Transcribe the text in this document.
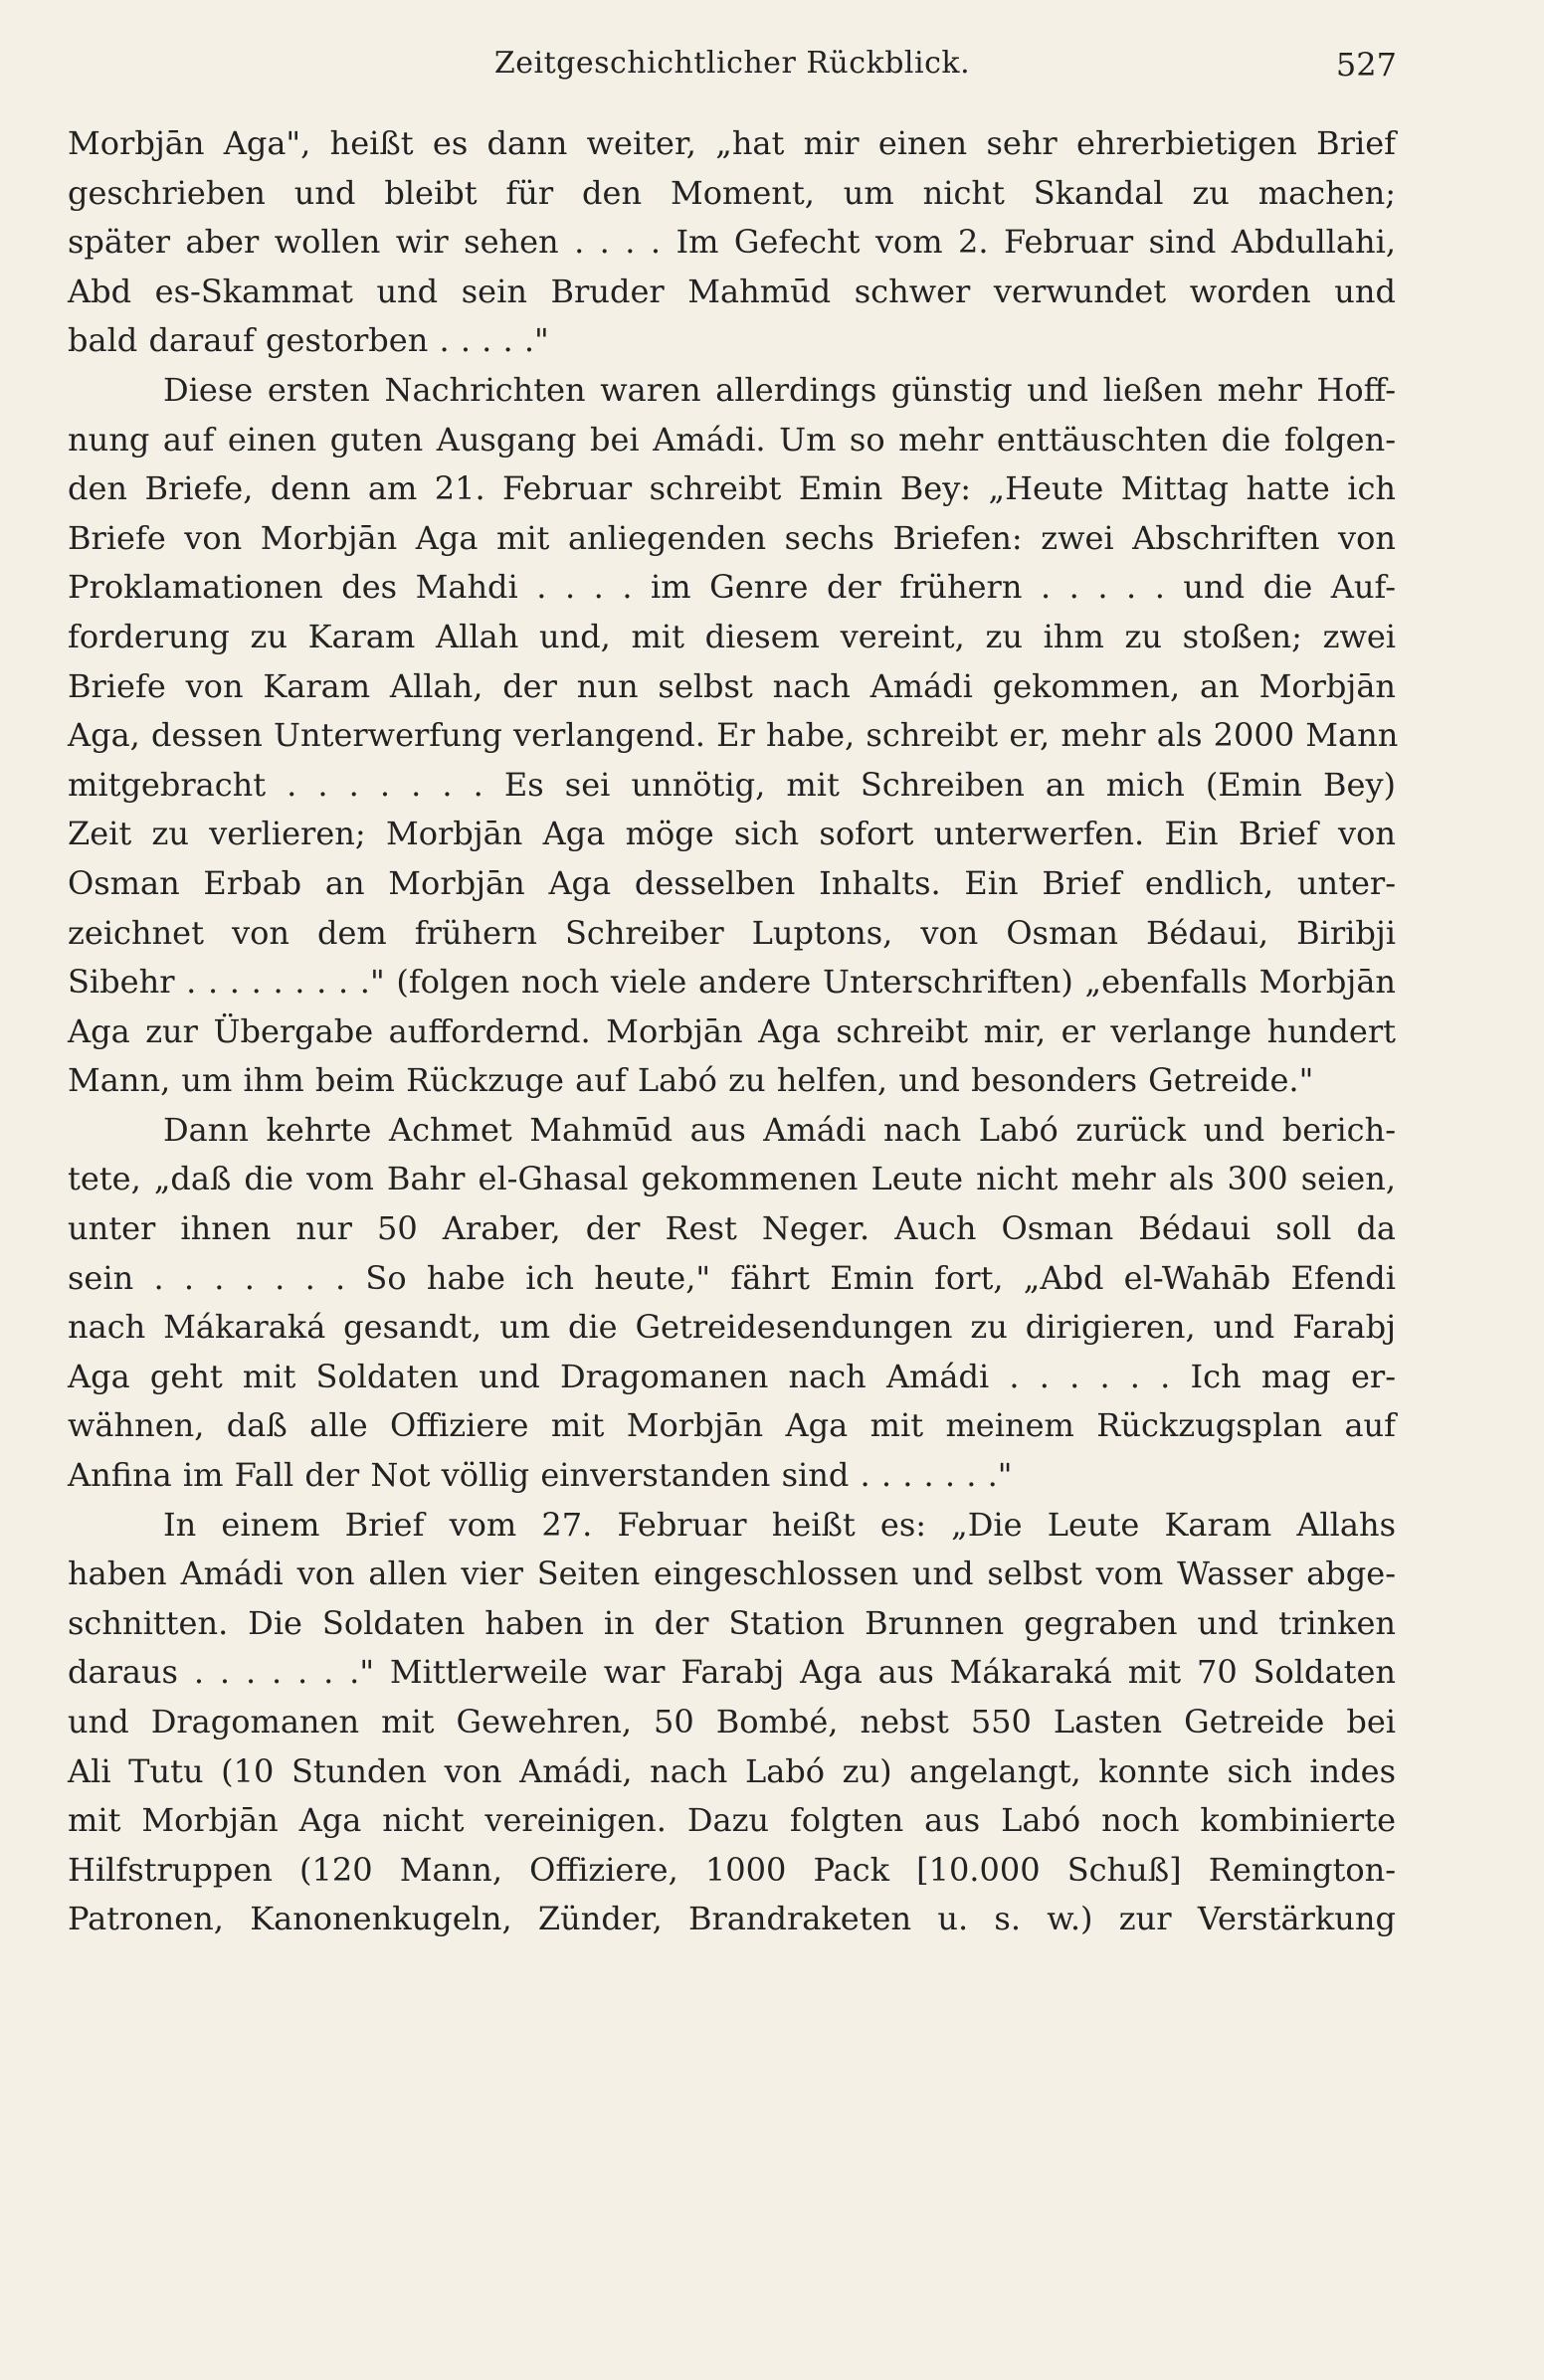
Zeitgeschichtlicher Rückblick.	527
Morbjān Aga", heißt es dann weiter, „hat mir einen sehr ehrerbietigen Brief
geschrieben und bleibt für den Moment, um nicht Skandal zu machen;
später aber wollen wir sehen . . . . Im Gefecht vom 2. Februar sind Abdullahi,
Abd es-Skammat und sein Bruder Mahmūd schwer verwundet worden und
bald darauf gestorben . . . . ."
Diese ersten Nachrichten waren allerdings günstig und ließen mehr Hoff-
nung auf einen guten Ausgang bei Amádi. Um so mehr enttäuschten die folgen-
den Briefe, denn am 21. Februar schreibt Emin Bey: „Heute Mittag hatte ich
Briefe von Morbjān Aga mit anliegenden sechs Briefen: zwei Abschriften von
Proklamationen des Mahdi . . . . im Genre der frühern . . . . . und die Auf-
forderung zu Karam Allah und, mit diesem vereint, zu ihm zu stoßen; zwei
Briefe von Karam Allah, der nun selbst nach Amádi gekommen, an Morbjān
Aga, dessen Unterwerfung verlangend. Er habe, schreibt er, mehr als 2000 Mann
mitgebracht . . . . . . . Es sei unnötig, mit Schreiben an mich (Emin Bey)
Zeit zu verlieren; Morbjān Aga möge sich sofort unterwerfen. Ein Brief von
Osman Erbab an Morbjān Aga desselben Inhalts. Ein Brief endlich, unter-
zeichnet von dem frühern Schreiber Luptons, von Osman Bédaui, Biribji
Sibehr . . . . . . . . ." (folgen noch viele andere Unterschriften) „ebenfalls Morbjān
Aga zur Übergabe auffordernd. Morbjān Aga schreibt mir, er verlange hundert
Mann, um ihm beim Rückzuge auf Labó zu helfen, und besonders Getreide."
Dann kehrte Achmet Mahmūd aus Amádi nach Labó zurück und berich-
tete, „daß die vom Bahr el-Ghasal gekommenen Leute nicht mehr als 300 seien,
unter ihnen nur 50 Araber, der Rest Neger. Auch Osman Bédaui soll da
sein . . . . . . . So habe ich heute," fährt Emin fort, „Abd el-Wahāb Efendi
nach Mákaraká gesandt, um die Getreidesendungen zu dirigieren, und Farabj
Aga geht mit Soldaten und Dragomanen nach Amádi . . . . . . Ich mag er-
wähnen, daß alle Offiziere mit Morbjān Aga mit meinem Rückzugsplan auf
Anfina im Fall der Not völlig einverstanden sind . . . . . . ."
In einem Brief vom 27. Februar heißt es: „Die Leute Karam Allahs
haben Amádi von allen vier Seiten eingeschlossen und selbst vom Wasser abge-
schnitten. Die Soldaten haben in der Station Brunnen gegraben und trinken
daraus . . . . . . ." Mittlerweile war Farabj Aga aus Mákaraká mit 70 Soldaten
und Dragomanen mit Gewehren, 50 Bombé, nebst 550 Lasten Getreide bei
Ali Tutu (10 Stunden von Amádi, nach Labó zu) angelangt, konnte sich indes
mit Morbjān Aga nicht vereinigen. Dazu folgten aus Labó noch kombinierte
Hilfstruppen (120 Mann, Offiziere, 1000 Pack [10.000 Schuß] Remington-
Patronen, Kanonenkugeln, Zünder, Brandraketen u. s. w.) zur Verstärkung
